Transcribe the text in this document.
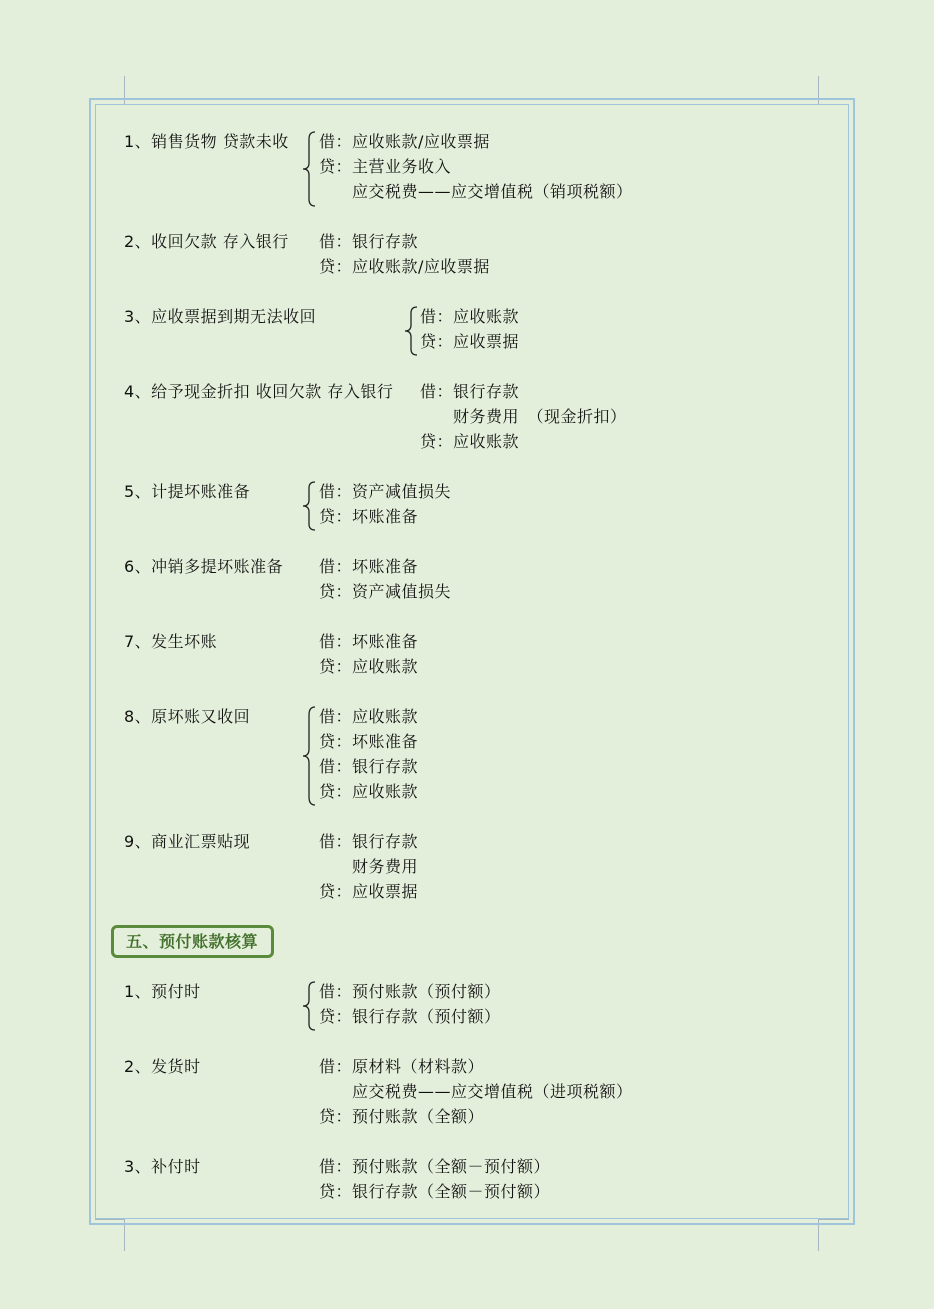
1、销售货物 贷款未收 借：应收账款/应收票据
贷：主营业务收入
应交税费——应交增值税（销项税额）
2、收回欠款 存入银行 借：银行存款
贷：应收账款/应收票据
3、应收票据到期无法收回	借：应收账款
贷：应收票据
4、给予现金折扣 收回欠款 存入银行 借：银行存款
财务费用　（现金折扣）
贷：应收账款
5、计提坏账准备	借：资产减值损失
贷：坏账准备
6、冲销多提坏账准备 借：坏账准备
贷：资产减值损失
7、发生坏账	借：坏账准备
贷：应收账款
8、原坏账又收回	借：应收账款
贷：坏账准备
借：银行存款
贷：应收账款
9、商业汇票贴现	借：银行存款
财务费用
贷：应收票据
五、预付账款核算
1、预付时	借：预付账款（预付额）
贷：银行存款（预付额）
2、发货时	借：原材料（材料款）
应交税费——应交增值税（进项税额）
贷：预付账款（全额）
3、补付时	借：预付账款（全额－预付额）
贷：银行存款（全额－预付额）
